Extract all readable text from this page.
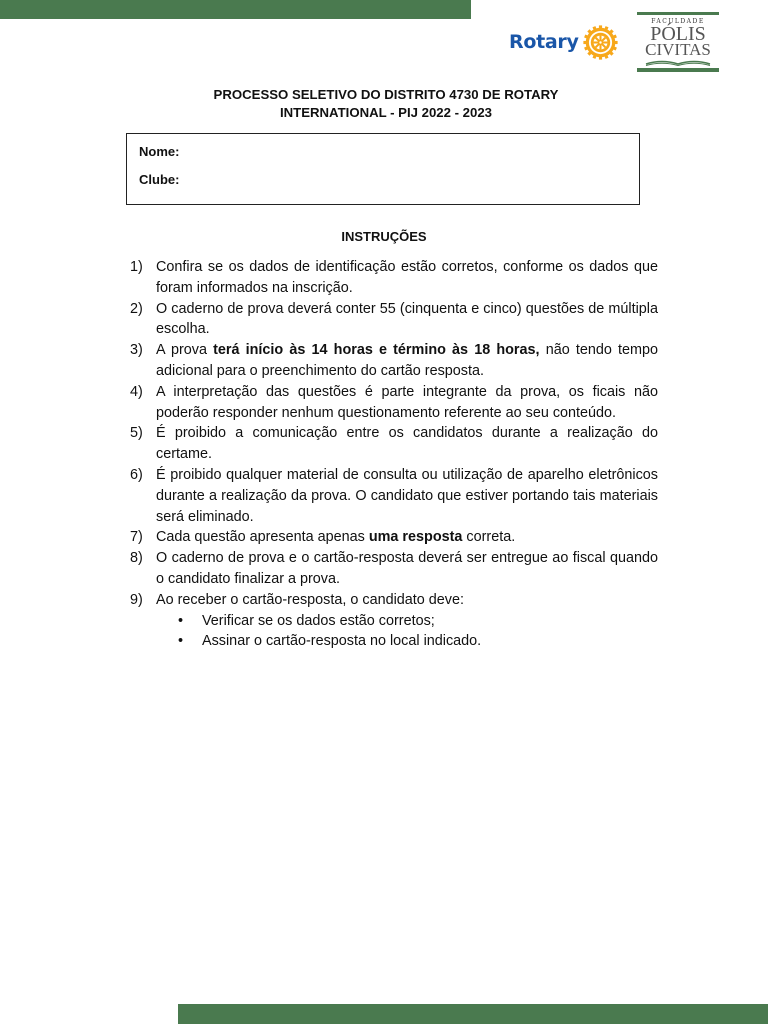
Rotary
FACULDADE
PÓLIS
CIVITAS
PROCESSO SELETIVO DO DISTRITO 4730 DE ROTARY
INTERNATIONAL - PIJ 2022 - 2023
Nome:
Clube:
INSTRUÇÕES
1) Confira se os dados de identificação estão corretos, conforme os dados que foram informados na inscrição.
2) O caderno de prova deverá conter 55 (cinquenta e cinco) questões de múltipla escolha.
3) A prova terá início às 14 horas e término às 18 horas, não tendo tempo adicional para o preenchimento do cartão resposta.
4) A interpretação das questões é parte integrante da prova, os ficais não poderão responder nenhum questionamento referente ao seu conteúdo.
5) É proibido a comunicação entre os candidatos durante a realização do certame.
6) É proibido qualquer material de consulta ou utilização de aparelho eletrônicos durante a realização da prova. O candidato que estiver portando tais materiais será eliminado.
7) Cada questão apresenta apenas uma resposta correta.
8) O caderno de prova e o cartão-resposta deverá ser entregue ao fiscal quando o candidato finalizar a prova.
9) Ao receber o cartão-resposta, o candidato deve:
• Verificar se os dados estão corretos;
• Assinar o cartão-resposta no local indicado.
